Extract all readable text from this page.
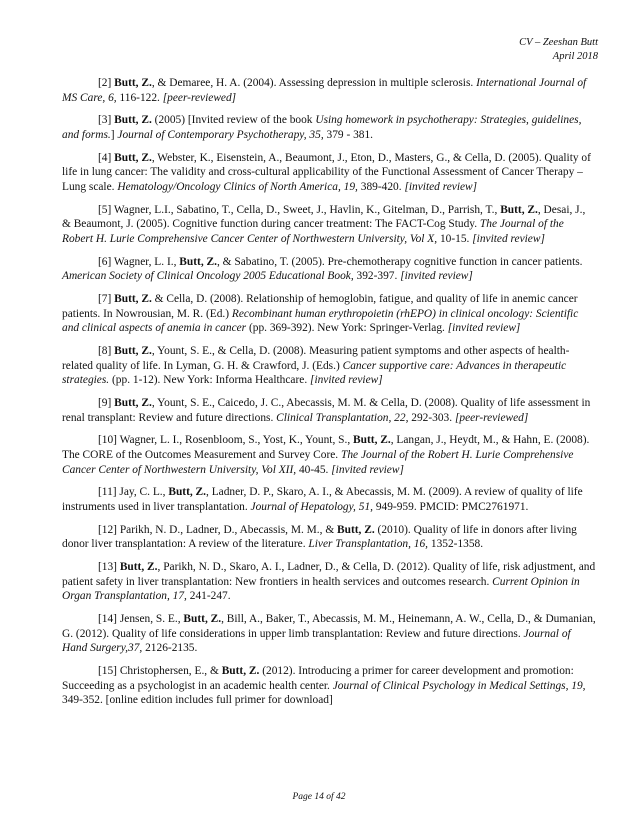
CV – Zeeshan Butt
April 2018

[2] Butt, Z., & Demaree, H. A. (2004). Assessing depression in multiple sclerosis. International Journal of MS Care, 6, 116-122. [peer-reviewed]

[3] Butt, Z. (2005) [Invited review of the book Using homework in psychotherapy: Strategies, guidelines, and forms.] Journal of Contemporary Psychotherapy, 35, 379 - 381.

[4] Butt, Z., Webster, K., Eisenstein, A., Beaumont, J., Eton, D., Masters, G., & Cella, D. (2005). Quality of life in lung cancer: The validity and cross-cultural applicability of the Functional Assessment of Cancer Therapy – Lung scale. Hematology/Oncology Clinics of North America, 19, 389-420. [invited review]

[5] Wagner, L.I., Sabatino, T., Cella, D., Sweet, J., Havlin, K., Gitelman, D., Parrish, T., Butt, Z., Desai, J., & Beaumont, J. (2005). Cognitive function during cancer treatment: The FACT-Cog Study. The Journal of the Robert H. Lurie Comprehensive Cancer Center of Northwestern University, Vol X, 10-15. [invited review]

[6] Wagner, L. I., Butt, Z., & Sabatino, T. (2005). Pre-chemotherapy cognitive function in cancer patients. American Society of Clinical Oncology 2005 Educational Book, 392-397. [invited review]

[7] Butt, Z. & Cella, D. (2008). Relationship of hemoglobin, fatigue, and quality of life in anemic cancer patients. In Nowrousian, M. R. (Ed.) Recombinant human erythropoietin (rhEPO) in clinical oncology: Scientific and clinical aspects of anemia in cancer (pp. 369-392). New York: Springer-Verlag. [invited review]

[8] Butt, Z., Yount, S. E., & Cella, D. (2008). Measuring patient symptoms and other aspects of health-related quality of life. In Lyman, G. H. & Crawford, J. (Eds.) Cancer supportive care: Advances in therapeutic strategies. (pp. 1-12). New York: Informa Healthcare. [invited review]

[9] Butt, Z., Yount, S. E., Caicedo, J. C., Abecassis, M. M. & Cella, D. (2008). Quality of life assessment in renal transplant: Review and future directions. Clinical Transplantation, 22, 292-303. [peer-reviewed]

[10] Wagner, L. I., Rosenbloom, S., Yost, K., Yount, S., Butt, Z., Langan, J., Heydt, M., & Hahn, E. (2008). The CORE of the Outcomes Measurement and Survey Core. The Journal of the Robert H. Lurie Comprehensive Cancer Center of Northwestern University, Vol XII, 40-45. [invited review]

[11] Jay, C. L., Butt, Z., Ladner, D. P., Skaro, A. I., & Abecassis, M. M. (2009). A review of quality of life instruments used in liver transplantation. Journal of Hepatology, 51, 949-959. PMCID: PMC2761971.

[12] Parikh, N. D., Ladner, D., Abecassis, M. M., & Butt, Z. (2010). Quality of life in donors after living donor liver transplantation: A review of the literature. Liver Transplantation, 16, 1352-1358.

[13] Butt, Z., Parikh, N. D., Skaro, A. I., Ladner, D., & Cella, D. (2012). Quality of life, risk adjustment, and patient safety in liver transplantation: New frontiers in health services and outcomes research. Current Opinion in Organ Transplantation, 17, 241-247.

[14] Jensen, S. E., Butt, Z., Bill, A., Baker, T., Abecassis, M. M., Heinemann, A. W., Cella, D., & Dumanian, G. (2012). Quality of life considerations in upper limb transplantation: Review and future directions. Journal of Hand Surgery,37, 2126-2135.

[15] Christophersen, E., & Butt, Z. (2012). Introducing a primer for career development and promotion: Succeeding as a psychologist in an academic health center. Journal of Clinical Psychology in Medical Settings, 19, 349-352. [online edition includes full primer for download]

Page 14 of 42
